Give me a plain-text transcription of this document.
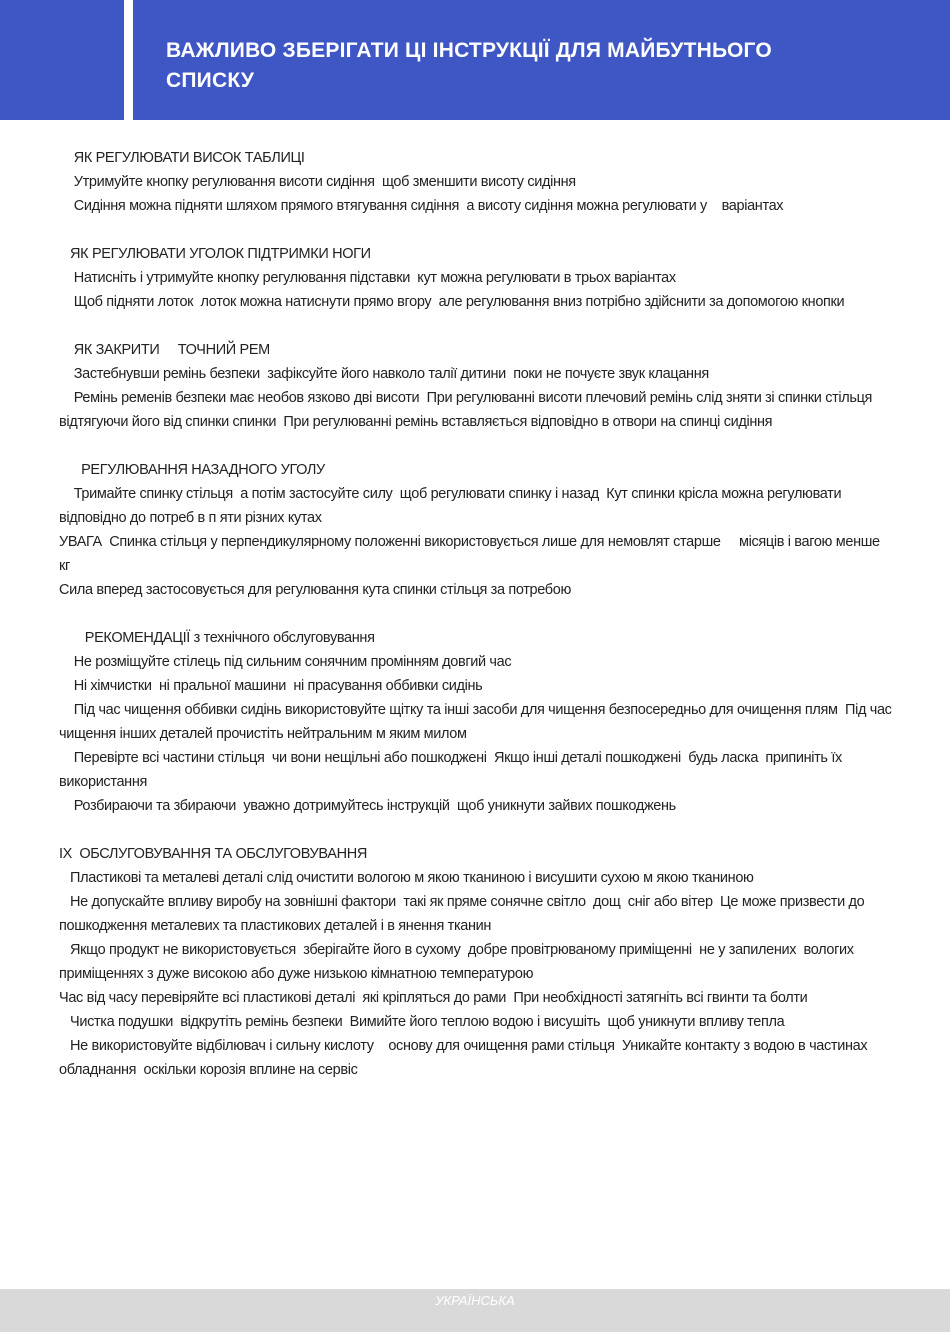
ВАЖЛИВО ЗБЕРІГАТИ ЦІ ІНСТРУКЦІЇ ДЛЯ МАЙБУТНЬОГО СПИСКУ

ЯК РЕГУЛЮВАТИ ВИСОК ТАБЛИЦІ

Утримуйте кнопку регулювання висоти сидіння  щоб зменшити висоту сидіння

Сидіння можна підняти шляхом прямого втягування сидіння  а висоту сидіння можна регулювати у    варіантах

ЯК РЕГУЛЮВАТИ УГОЛОК ПІДТРИМКИ НОГИ

Натисніть і утримуйте кнопку регулювання підставки  кут можна регулювати в трьох варіантах

Щоб підняти лоток  лоток можна натиснути прямо вгору  але регулювання вниз потрібно здійснити за допомогою кнопки

ЯК ЗАКРИТИ     ТОЧНИЙ РЕМ

Застебнувши ремінь безпеки  зафіксуйте його навколо талії дитини  поки не почуєте звук клацання

Ремінь ременів безпеки має необов язково дві висоти  При регулюванні висоти плечовий ремінь слід зняти зі спинки стільця  відтягуючи його від спинки спинки  При регулюванні ремінь вставляється відповідно в отвори на спинці сидіння

РЕГУЛЮВАННЯ НАЗАДНОГО УГОЛУ

Тримайте спинку стільця  а потім застосуйте силу  щоб регулювати спинку і назад  Кут спинки крісла можна регулювати відповідно до потреб в п яти різних кутах

УВАГА  Спинка стільця у перпендикулярному положенні використовується лише для немовлят старше     місяців і вагою менше      кг

Сила вперед застосовується для регулювання кута спинки стільця за потребою

РЕКОМЕНДАЦІЇ з технічного обслуговування

Не розміщуйте стілець під сильним сонячним промінням довгий час

Ні хімчистки  ні пральної машини  ні прасування оббивки сидінь

Під час чищення оббивки сидінь використовуйте щітку та інші засоби для чищення безпосередньо для очищення плям  Під час чищення інших деталей прочистіть нейтральним м яким милом

Перевірте всі частини стільця  чи вони нещільні або пошкоджені  Якщо інші деталі пошкоджені  будь ласка  припиніть їх використання

Розбираючи та збираючи  уважно дотримуйтесь інструкцій  щоб уникнути зайвих пошкоджень

IX  ОБСЛУГОВУВАННЯ ТА ОБСЛУГОВУВАННЯ

Пластикові та металеві деталі слід очистити вологою м якою тканиною і висушити сухою м якою тканиною

Не допускайте впливу виробу на зовнішні фактори  такі як пряме сонячне світло  дощ  сніг або вітер  Це може призвести до пошкодження металевих та пластикових деталей і в янення тканин

Якщо продукт не використовується  зберігайте його в сухому  добре провітрюваному приміщенні  не у запилених  вологих приміщеннях з дуже високою або дуже низькою кімнатною температурою

Час від часу перевіряйте всі пластикові деталі  які кріпляться до рами  При необхідності затягніть всі гвинти та болти

Чистка подушки  відкрутіть ремінь безпеки  Вимийте його теплою водою і висушіть  щоб уникнути впливу тепла

Не використовуйте відбілювач і сильну кислоту    основу для очищення рами стільця  Уникайте контакту з водою в частинах обладнання  оскільки корозія вплине на сервіс

УКРАЇНСЬКА
